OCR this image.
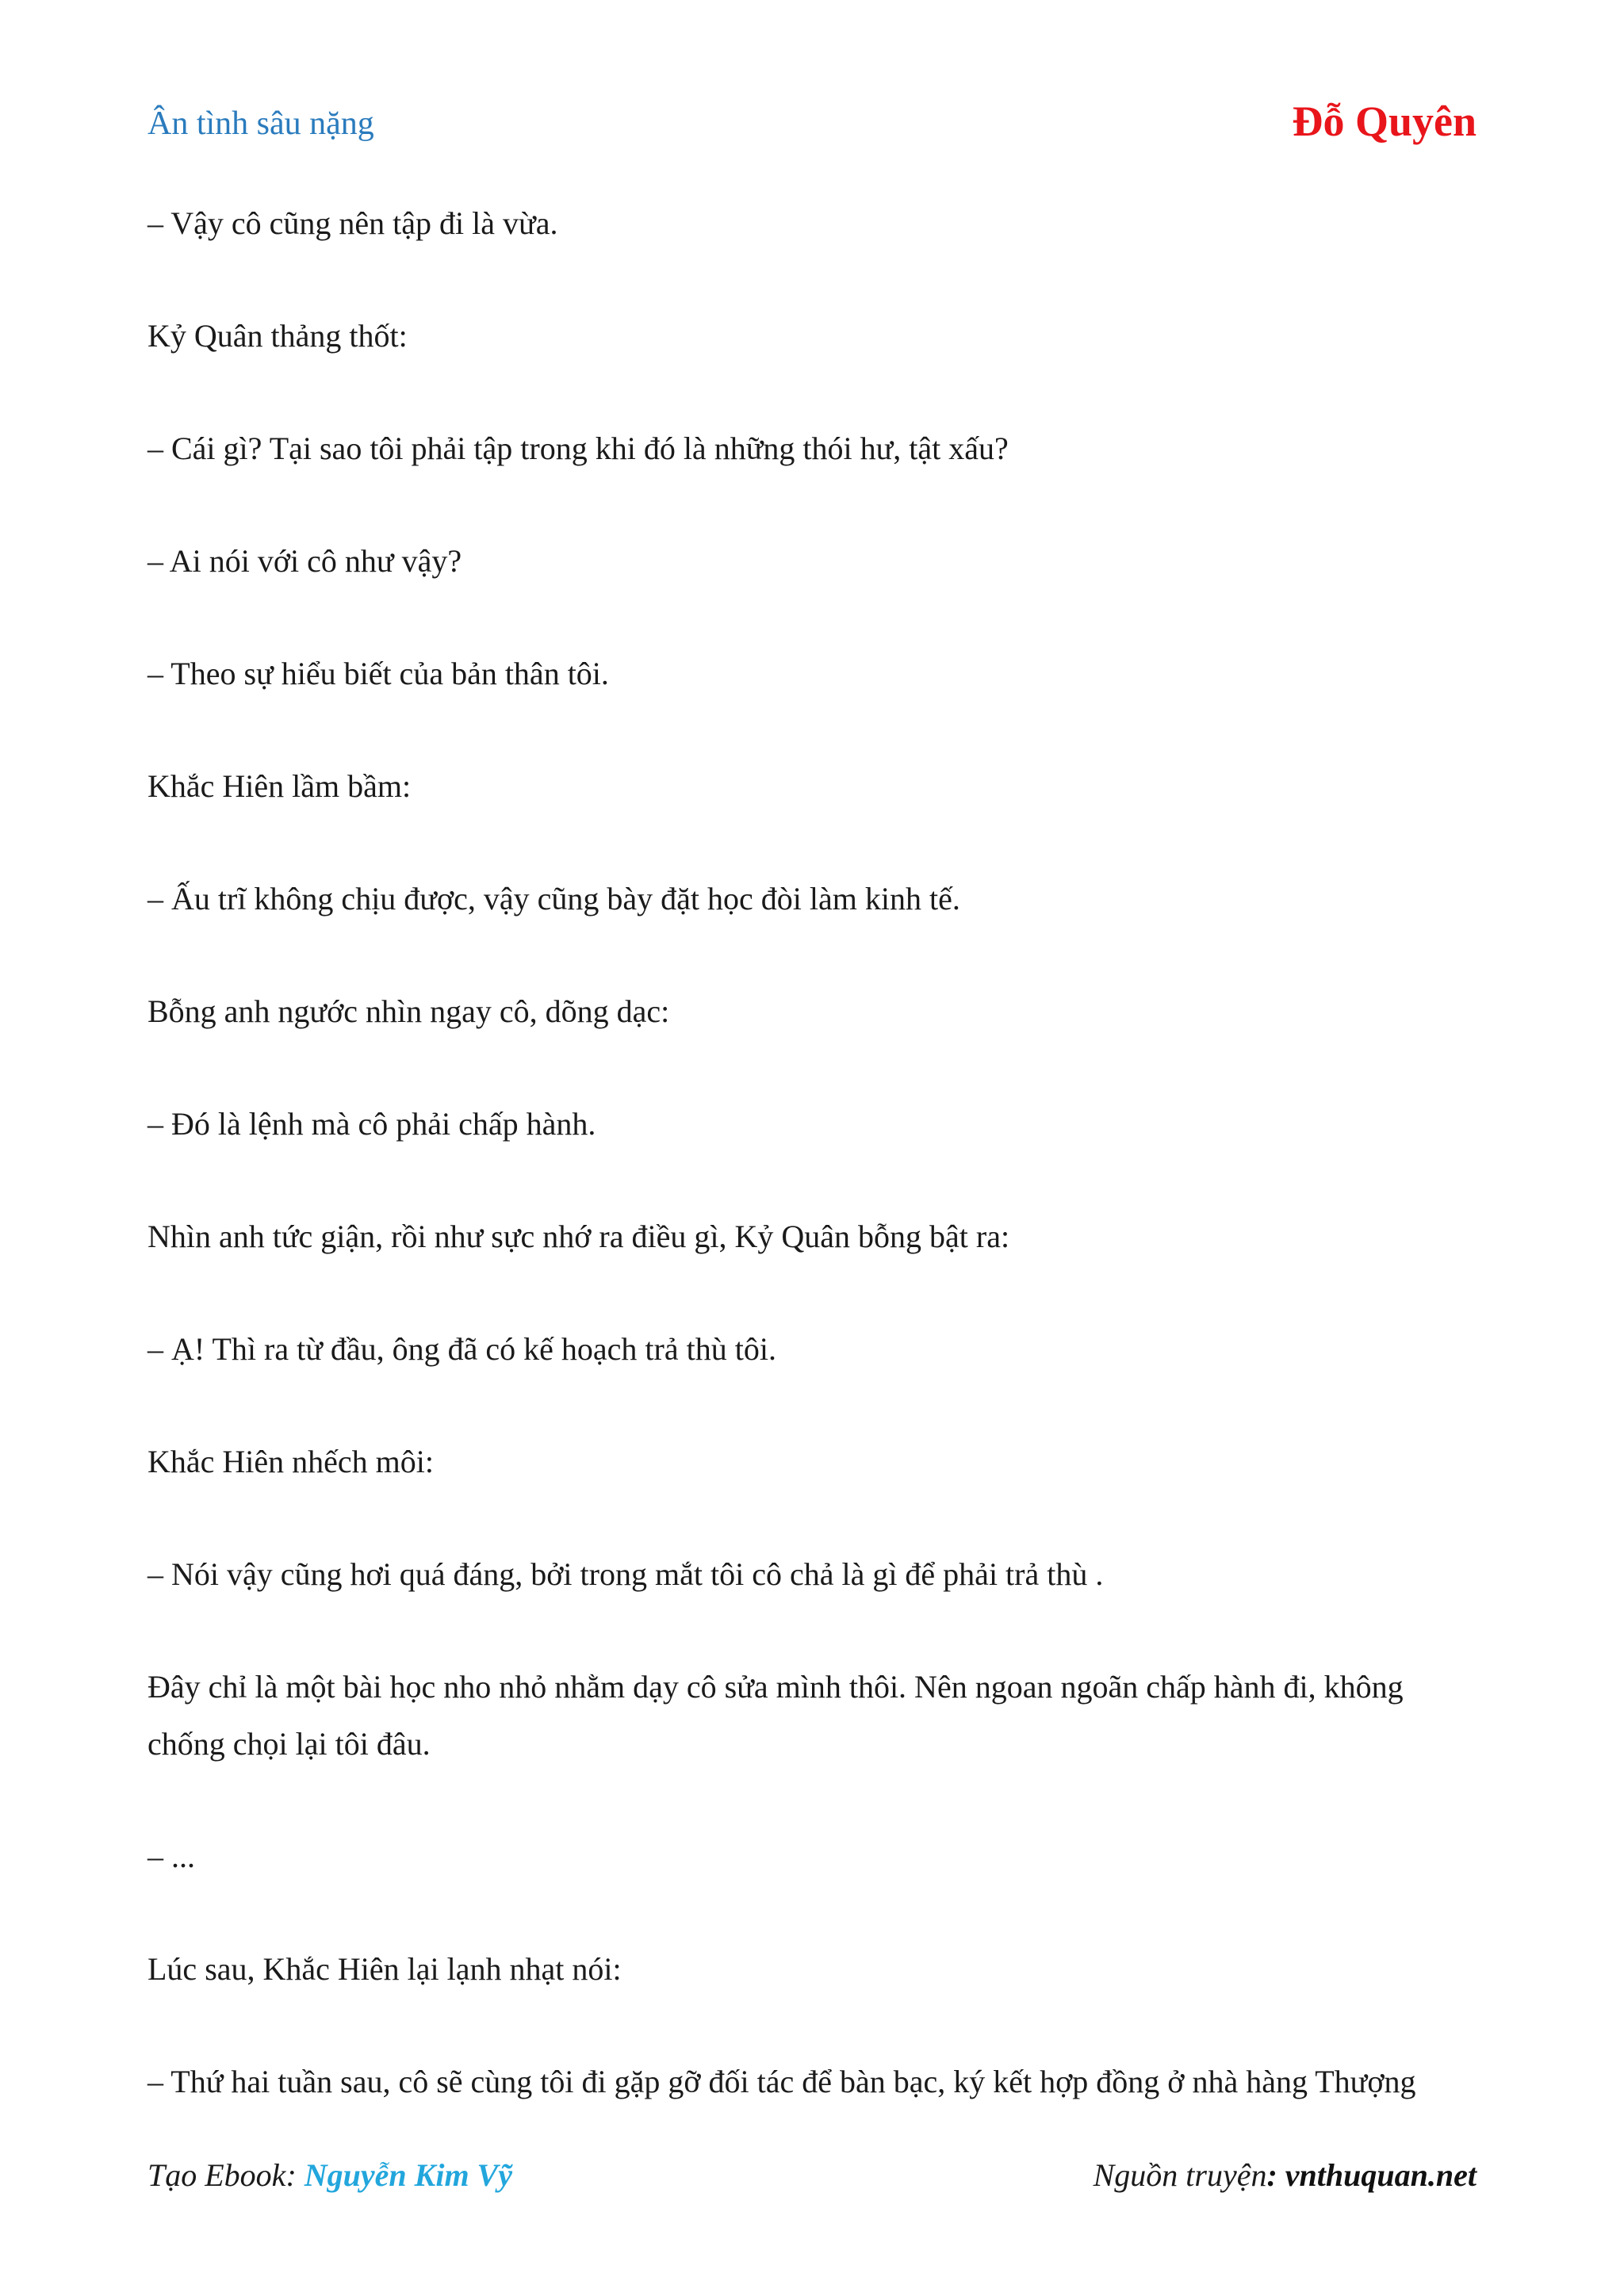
Ân tình sâu nặng	Đỗ Quyên

– Vậy cô cũng nên tập đi là vừa.

Kỷ Quân thảng thốt:

– Cái gì? Tại sao tôi phải tập trong khi đó là những thói hư, tật xấu?

– Ai nói với cô như vậy?

– Theo sự hiểu biết của bản thân tôi.

Khắc Hiên lầm bầm:

– Ấu trĩ không chịu được, vậy cũng bày đặt học đòi làm kinh tế.

Bỗng anh ngước nhìn ngay cô, dõng dạc:

– Đó là lệnh mà cô phải chấp hành.

Nhìn anh tức giận, rồi như sực nhớ ra điều gì, Kỷ Quân bỗng bật ra:

– Ạ! Thì ra từ đầu, ông đã có kế hoạch trả thù tôi.

Khắc Hiên nhếch môi:

– Nói vậy cũng hơi quá đáng, bởi trong mắt tôi cô chả là gì để phải trả thù .

Đây chỉ là một bài học nho nhỏ nhằm dạy cô sửa mình thôi. Nên ngoan ngoãn chấp hành đi, không chống chọi lại tôi đâu.

– ...

Lúc sau, Khắc Hiên lại lạnh nhạt nói:

– Thứ hai tuần sau, cô sẽ cùng tôi đi gặp gỡ đối tác để bàn bạc, ký kết hợp đồng ở nhà hàng Thượng

Tạo Ebook: Nguyễn Kim Vỹ	Nguồn truyện: vnthuquan.net
